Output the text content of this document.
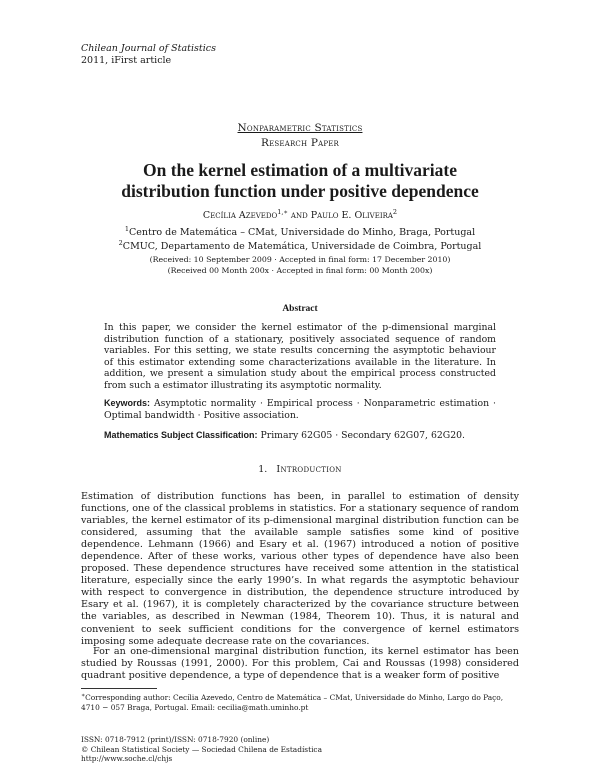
Chilean Journal of Statistics
2011, iFirst article
Nonparametric Statistics
Research Paper
On the kernel estimation of a multivariate
distribution function under positive dependence
Cecília Azevedo$^{1,∗}$ and Paulo E. Oliveira$^2$
$^1$Centro de Matemática – CMat, Universidade do Minho, Braga, Portugal
$^2$CMUC, Departamento de Matemática, Universidade de Coimbra, Portugal
(Received: 10 September 2009 · Accepted in final form: 17 December 2010)
(Received 00 Month 200x · Accepted in final form: 00 Month 200x)
Abstract
In this paper, we consider the kernel estimator of the p-dimensional marginal distribution function of a stationary, positively associated sequence of random variables. For this setting, we state results concerning the asymptotic behaviour of this estimator extending some characterizations available in the literature. In addition, we present a simulation study about the empirical process constructed from such a estimator illustrating its asymptotic normality.
Keywords: Asymptotic normality · Empirical process · Nonparametric estimation · Optimal bandwidth · Positive association.
Mathematics Subject Classification: Primary 62G05 · Secondary 62G07, 62G20.
1. Introduction
Estimation of distribution functions has been, in parallel to estimation of density functions, one of the classical problems in statistics. For a stationary sequence of random variables, the kernel estimator of its p-dimensional marginal distribution function can be considered, assuming that the available sample satisfies some kind of positive dependence. Lehmann (1966) and Esary et al. (1967) introduced a notion of positive dependence. After of these works, various other types of dependence have also been proposed. These dependence structures have received some attention in the statistical literature, especially since the early 1990’s. In what regards the asymptotic behaviour with respect to convergence in distribution, the dependence structure introduced by Esary et al. (1967), it is completely characterized by the covariance structure between the variables, as described in Newman (1984, Theorem 10). Thus, it is natural and convenient to seek sufficient conditions for the convergence of kernel estimators imposing some adequate decrease rate on the covariances.
For an one-dimensional marginal distribution function, its kernel estimator has been studied by Roussas (1991, 2000). For this problem, Cai and Roussas (1998) considered quadrant positive dependence, a type of dependence that is a weaker form of positive
∗Corresponding author: Cecília Azevedo, Centro de Matemática – CMat, Universidade do Minho, Largo do Paço, 4710 − 057 Braga, Portugal. Email: cecilia@math.uminho.pt
ISSN: 0718-7912 (print)/ISSN: 0718-7920 (online)
© Chilean Statistical Society — Sociedad Chilena de Estadística
http://www.soche.cl/chjs
